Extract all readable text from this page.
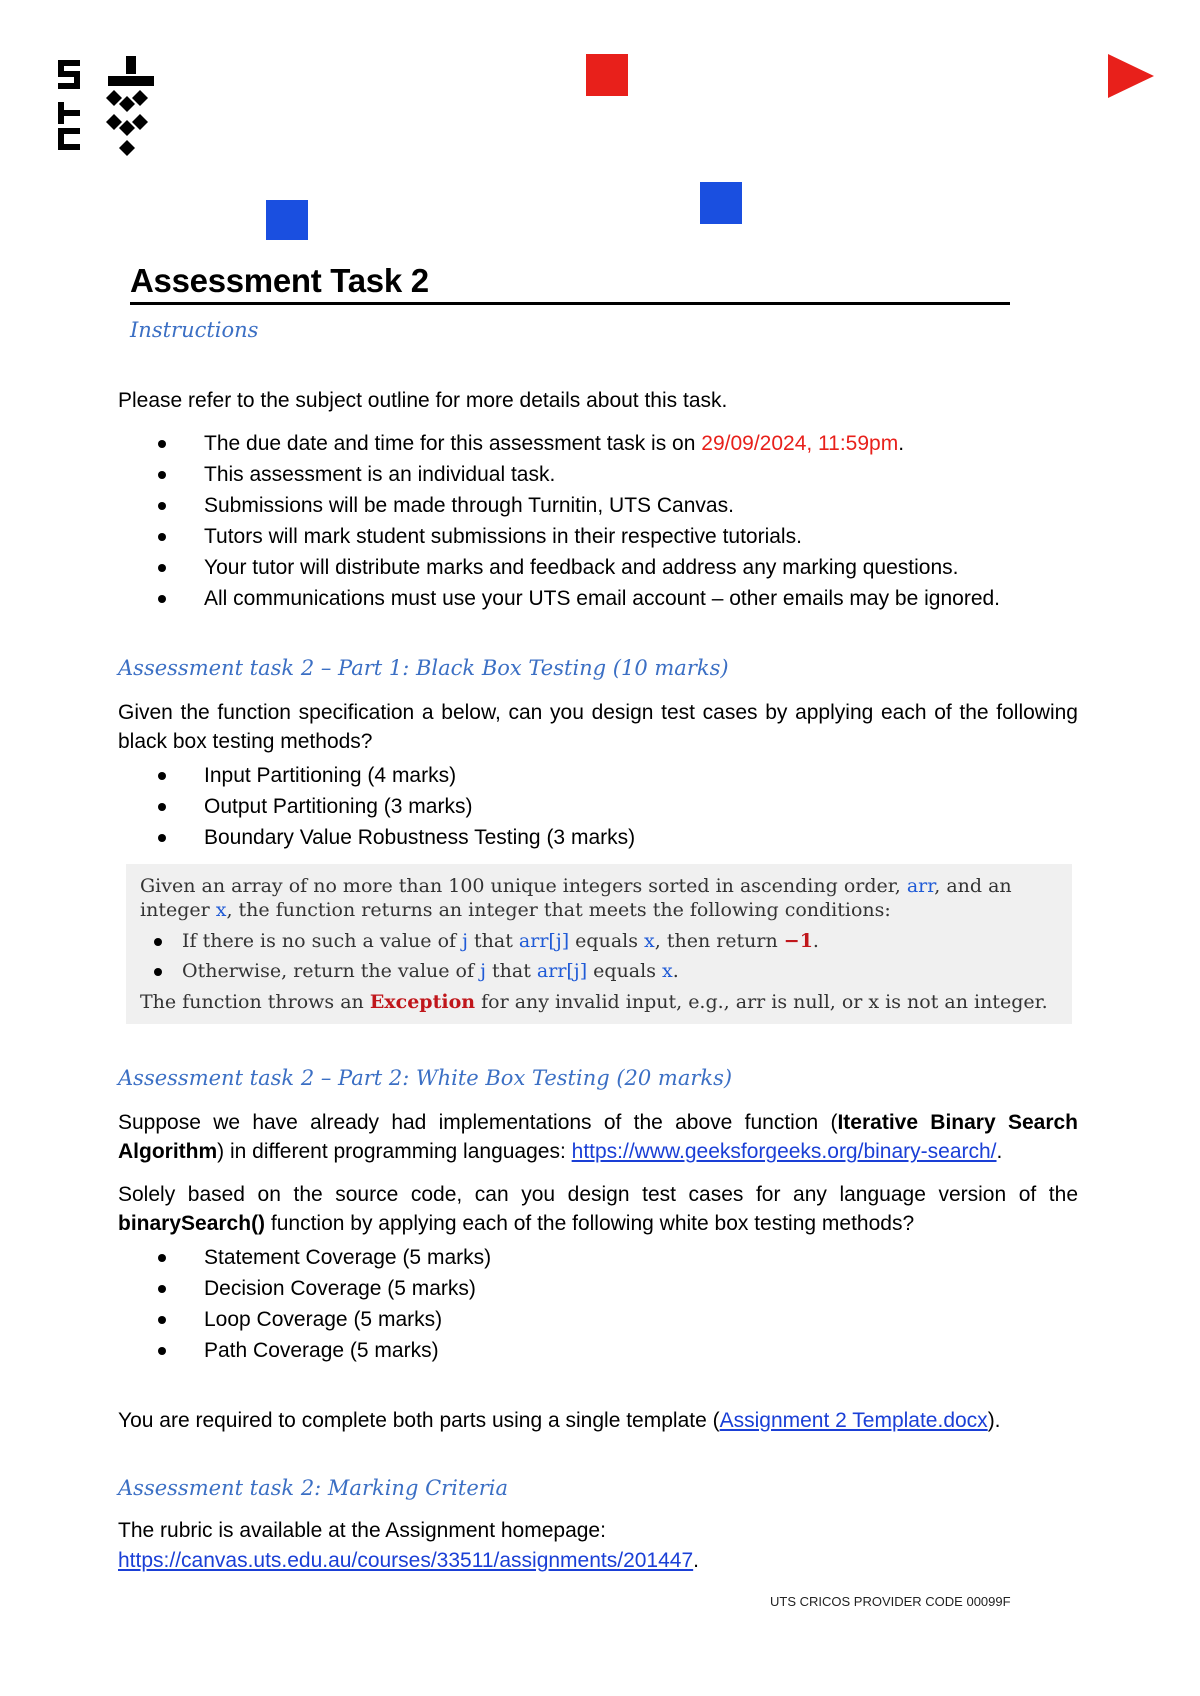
Assessment Task 2
Instructions
Please refer to the subject outline for more details about this task.
The due date and time for this assessment task is on 29/09/2024, 11:59pm.
This assessment is an individual task.
Submissions will be made through Turnitin, UTS Canvas.
Tutors will mark student submissions in their respective tutorials.
Your tutor will distribute marks and feedback and address any marking questions.
All communications must use your UTS email account – other emails may be ignored.
Assessment task 2 – Part 1: Black Box Testing (10 marks)
Given the function specification a below, can you design test cases by applying each of the following black box testing methods?
Input Partitioning (4 marks)
Output Partitioning (3 marks)
Boundary Value Robustness Testing (3 marks)

Given an array of no more than 100 unique integers sorted in ascending order, arr, and an integer x, the function returns an integer that meets the following conditions:

If there is no such a value of j that arr[j] equals x, then return −1.
Otherwise, return the value of j that arr[j] equals x.

The function throws an Exception for any invalid input, e.g., arr is null, or x is not an integer.

Assessment task 2 – Part 2: White Box Testing (20 marks)
Suppose we have already had implementations of the above function (Iterative Binary Search Algorithm) in different programming languages: https://www.geeksforgeeks.org/binary-search/.
Solely based on the source code, can you design test cases for any language version of the binarySearch() function by applying each of the following white box testing methods?
Statement Coverage (5 marks)
Decision Coverage (5 marks)
Loop Coverage (5 marks)
Path Coverage (5 marks)
You are required to complete both parts using a single template (Assignment 2 Template.docx).
Assessment task 2: Marking Criteria
The rubric is available at the Assignment homepage:
https://canvas.uts.edu.au/courses/33511/assignments/201447.
UTS CRICOS PROVIDER CODE 00099F
